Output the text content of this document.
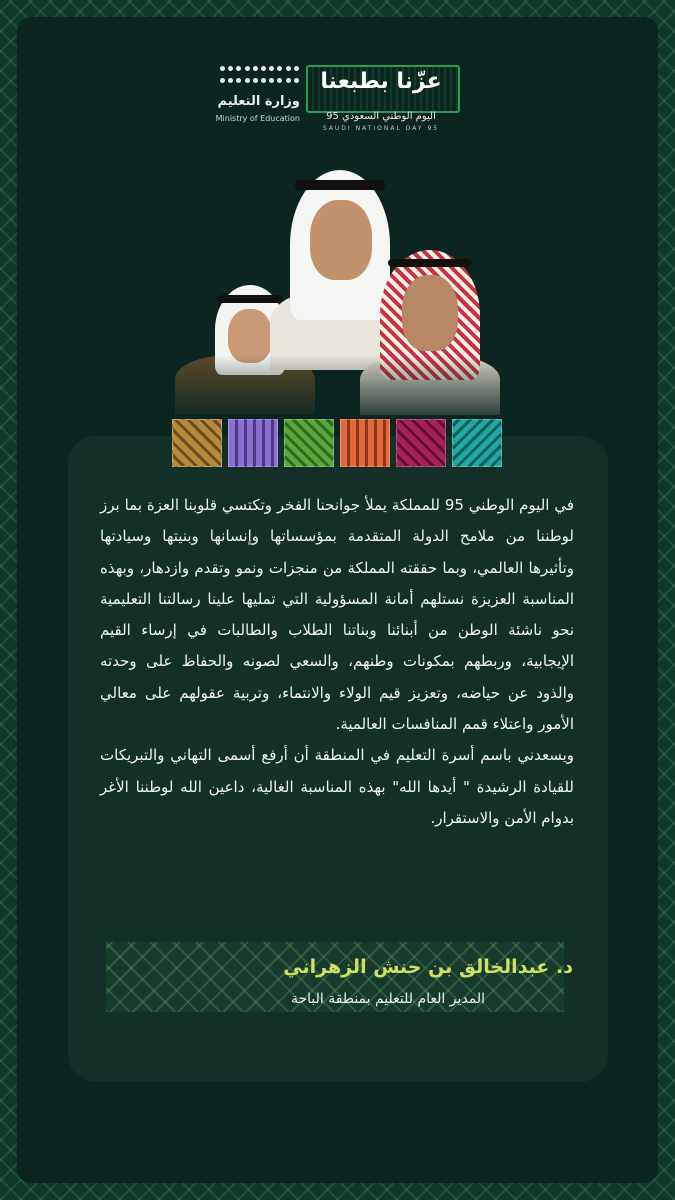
وزارة التعليم
Ministry of Education
عزّنا بطبعنا
اليوم الوطني السعودي 95
SAUDI NATIONAL DAY 95

في اليوم الوطني 95 للمملكة يملأ جوانحنا الفخر وتكتسي قلوبنا العزة بما برز لوطننا من ملامح الدولة المتقدمة بمؤسساتها وإنسانها وبنيتها وسيادتها وتأثيرها العالمي، وبما حققته المملكة من منجزات ونمو وتقدم وازدهار، وبهذه المناسبة العزيزة نستلهم أمانة المسؤولية التي تمليها علينا رسالتنا التعليمية نحو ناشئة الوطن من أبنائنا وبناتنا الطلاب والطالبات في إرساء القيم الإيجابية، وربطهم بمكونات وطنهم، والسعي لصونه والحفاظ على وحدته والذود عن حياضه، وتعزيز قيم الولاء والانتماء، وتربية عقولهم على معالي الأمور واعتلاء قمم المنافسات العالمية.

ويسعدني باسم أسرة التعليم في المنطقة أن أرفع أسمى التهاني والتبريكات للقيادة الرشيدة " أيدها الله" بهذه المناسبة الغالية، داعين الله لوطننا الأغر بدوام الأمن والاستقرار.

د. عبدالخالق بن حنش الزهراني
المدير العام للتعليم بمنطقة الباحة
